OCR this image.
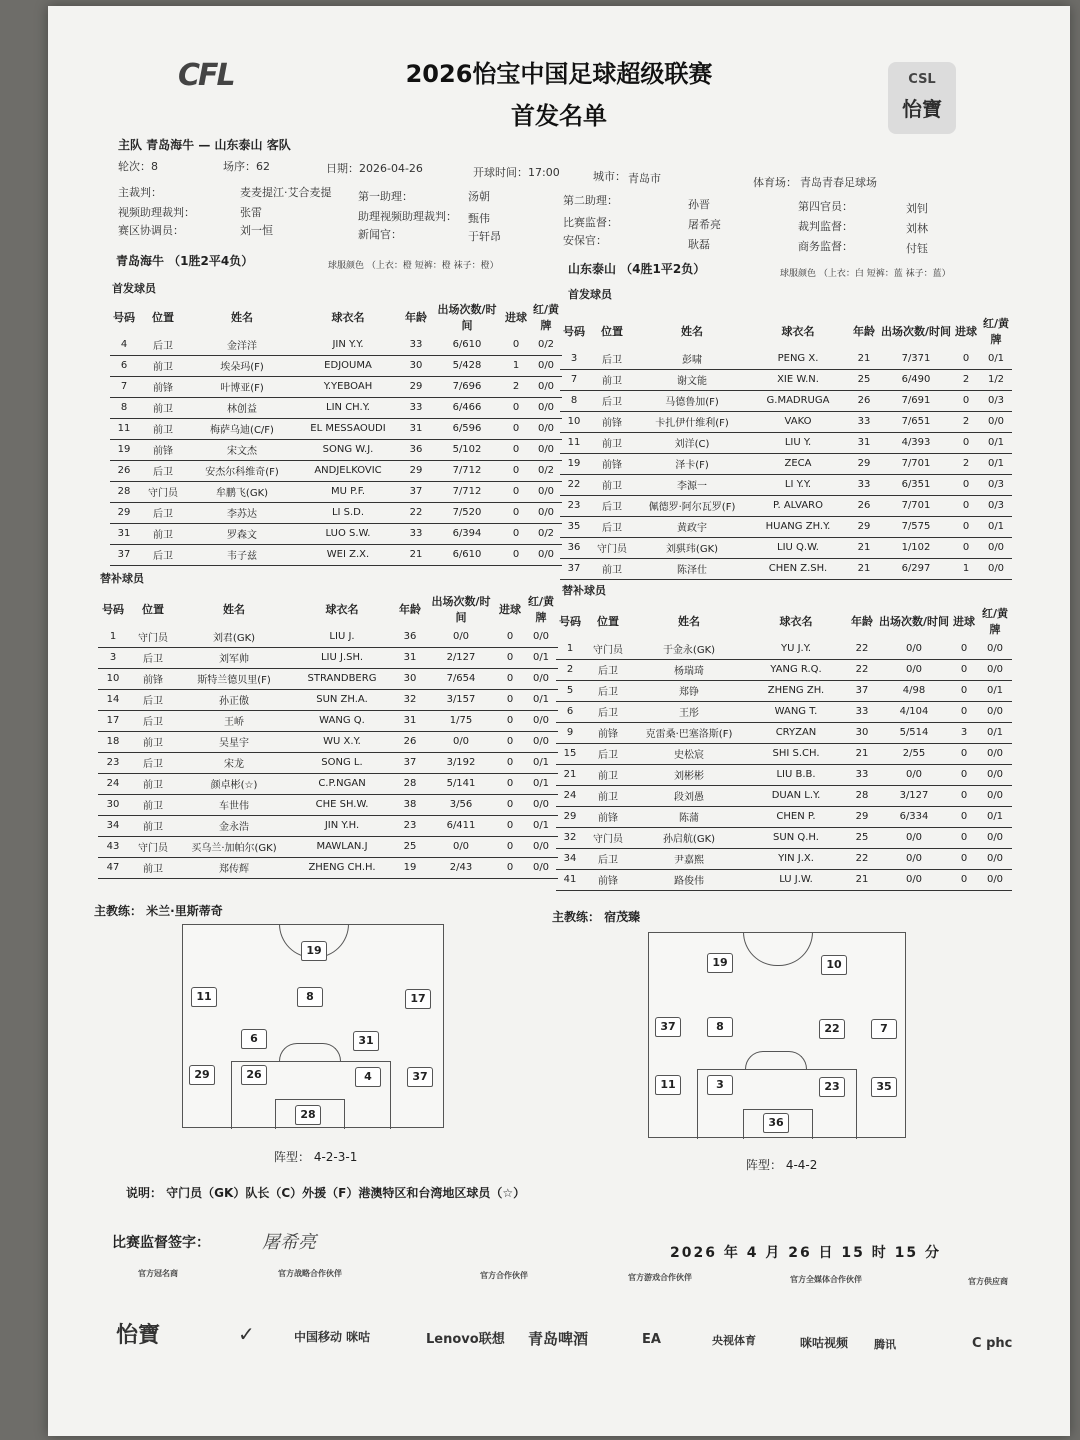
CFL	CSL
怡寶
2026怡宝中国足球超级联赛
首发名单
主队 青岛海牛 — 山东泰山 客队
轮次：8	场序：62	日期：2026-04-26	开球时间：17:00	城市： 青岛市	体育场： 青岛青春足球场
主裁判：	麦麦提江·艾合麦提 第一助理：	汤朝	第二助理：	孙晋	第四官员：	刘钊
视频助理裁判：	张雷	助理视频助理裁判： 甄伟	比赛监督：	屠希亮	裁判监督：	刘林
赛区协调员：	刘一恒	新闻官：	于轩昂	安保官：	耿磊	商务监督：	付钰
青岛海牛 （1胜2平4负）	球服颜色 （上衣：橙 短裤：橙 袜子：橙）
首发球员
号码	位置	姓名	球衣名	年龄	出场次数/时间	进球	红/黄牌
4	后卫	金洋洋	JIN Y.Y.	33	6/610	0	0/2
6	前卫	埃朵玛(F)	EDJOUMA	30	5/428	1	0/0
7	前锋	叶博亚(F)	Y.YEBOAH	29	7/696	2	0/0
8	前卫	林创益	LIN CH.Y.	33	6/466	0	0/0
11	前卫	梅萨乌迪(C/F)	EL MESSAOUDI	31	6/596	0	0/0
19	前锋	宋文杰	SONG W.J.	36	5/102	0	0/0
26	后卫	安杰尔科维奇(F)	ANDJELKOVIC	29	7/712	0	0/2
28	守门员	牟鹏飞(GK)	MU P.F.	37	7/712	0	0/0
29	后卫	李苏达	LI S.D.	22	7/520	0	0/0
31	前卫	罗森文	LUO S.W.	33	6/394	0	0/2
37	后卫	韦子兹	WEI Z.X.	21	6/610	0	0/0
替补球员
号码	位置	姓名	球衣名	年龄	出场次数/时间	进球	红/黄牌
1	守门员	刘君(GK)	LIU J.	36	0/0	0	0/0
3	后卫	刘军帅	LIU J.SH.	31	2/127	0	0/1
10	前锋	斯特兰德贝里(F)	STRANDBERG	30	7/654	0	0/0
14	后卫	孙正傲	SUN ZH.A.	32	3/157	0	0/1
17	后卫	王峤	WANG Q.	31	1/75	0	0/0
18	前卫	吴星宇	WU X.Y.	26	0/0	0	0/0
23	后卫	宋龙	SONG L.	37	3/192	0	0/1
24	前卫	颜卓彬(☆)	C.P.NGAN	28	5/141	0	0/1
30	前卫	车世伟	CHE SH.W.	38	3/56	0	0/0
34	前卫	金永浩	JIN Y.H.	23	6/411	0	0/1
43	守门员	买乌兰·加帕尔(GK)	MAWLAN.J	25	0/0	0	0/0
47	前卫	郑传辉	ZHENG CH.H.	19	2/43	0	0/0
山东泰山 （4胜1平2负）	球服颜色 （上衣：白 短裤：蓝 袜子：蓝）
首发球员
号码	位置	姓名	球衣名	年龄	出场次数/时间	进球	红/黄牌
3	后卫	彭啸	PENG X.	21	7/371	0	0/1
7	前卫	谢文能	XIE W.N.	25	6/490	2	1/2
8	后卫	马德鲁加(F)	G.MADRUGA	26	7/691	0	0/3
10	前锋	卡扎伊什维利(F)	VAKO	33	7/651	2	0/0
11	前卫	刘洋(C)	LIU Y.	31	4/393	0	0/1
19	前锋	泽卡(F)	ZECA	29	7/701	2	0/1
22	前卫	李源一	LI Y.Y.	33	6/351	0	0/3
23	后卫	佩德罗·阿尔瓦罗(F)	P. ALVARO	26	7/701	0	0/3
35	后卫	黄政宇	HUANG ZH.Y.	29	7/575	0	0/1
36	守门员	刘骐玮(GK)	LIU Q.W.	21	1/102	0	0/0
37	前卫	陈泽仕	CHEN Z.SH.	21	6/297	1	0/0
替补球员
号码	位置	姓名	球衣名	年龄	出场次数/时间	进球	红/黄牌
1	守门员	于金永(GK)	YU J.Y.	22	0/0	0	0/0
2	后卫	杨瑞琦	YANG R.Q.	22	0/0	0	0/0
5	后卫	郑铮	ZHENG ZH.	37	4/98	0	0/1
6	后卫	王彤	WANG T.	33	4/104	0	0/0
9	前锋	克雷桑·巴塞洛斯(F)	CRYZAN	30	5/514	3	0/1
15	后卫	史松宸	SHI S.CH.	21	2/55	0	0/0
21	前卫	刘彬彬	LIU B.B.	33	0/0	0	0/0
24	前卫	段刘愚	DUAN L.Y.	28	3/127	0	0/0
29	前锋	陈蒲	CHEN P.	29	6/334	0	0/1
32	守门员	孙启航(GK)	SUN Q.H.	25	0/0	0	0/0
34	后卫	尹嘉熙	YIN J.X.	22	0/0	0	0/0
41	前锋	路俊伟	LU J.W.	21	0/0	0	0/0
主教练： 米兰·里斯蒂奇	主教练： 宿茂臻
19
11	8	17
6	31
29	26	4	37
28
阵型： 4-2-3-1
19	10
37	8	22	7
11	3	23	35
36
阵型： 4-4-2
说明： 守门员（GK）队长（C）外援（F）港澳特区和台湾地区球员（☆）
比赛监督签字：	屠希亮	2026 年 4 月 26 日 15 时 15 分
官方冠名商	官方战略合作伙伴	官方合作伙伴	官方游戏合作伙伴	官方全媒体合作伙伴	官方供应商
怡寶	✓	中国移动 咪咕	Lenovo联想 青岛啤酒	EA	央视体育	咪咕视频 腾讯	C phc
